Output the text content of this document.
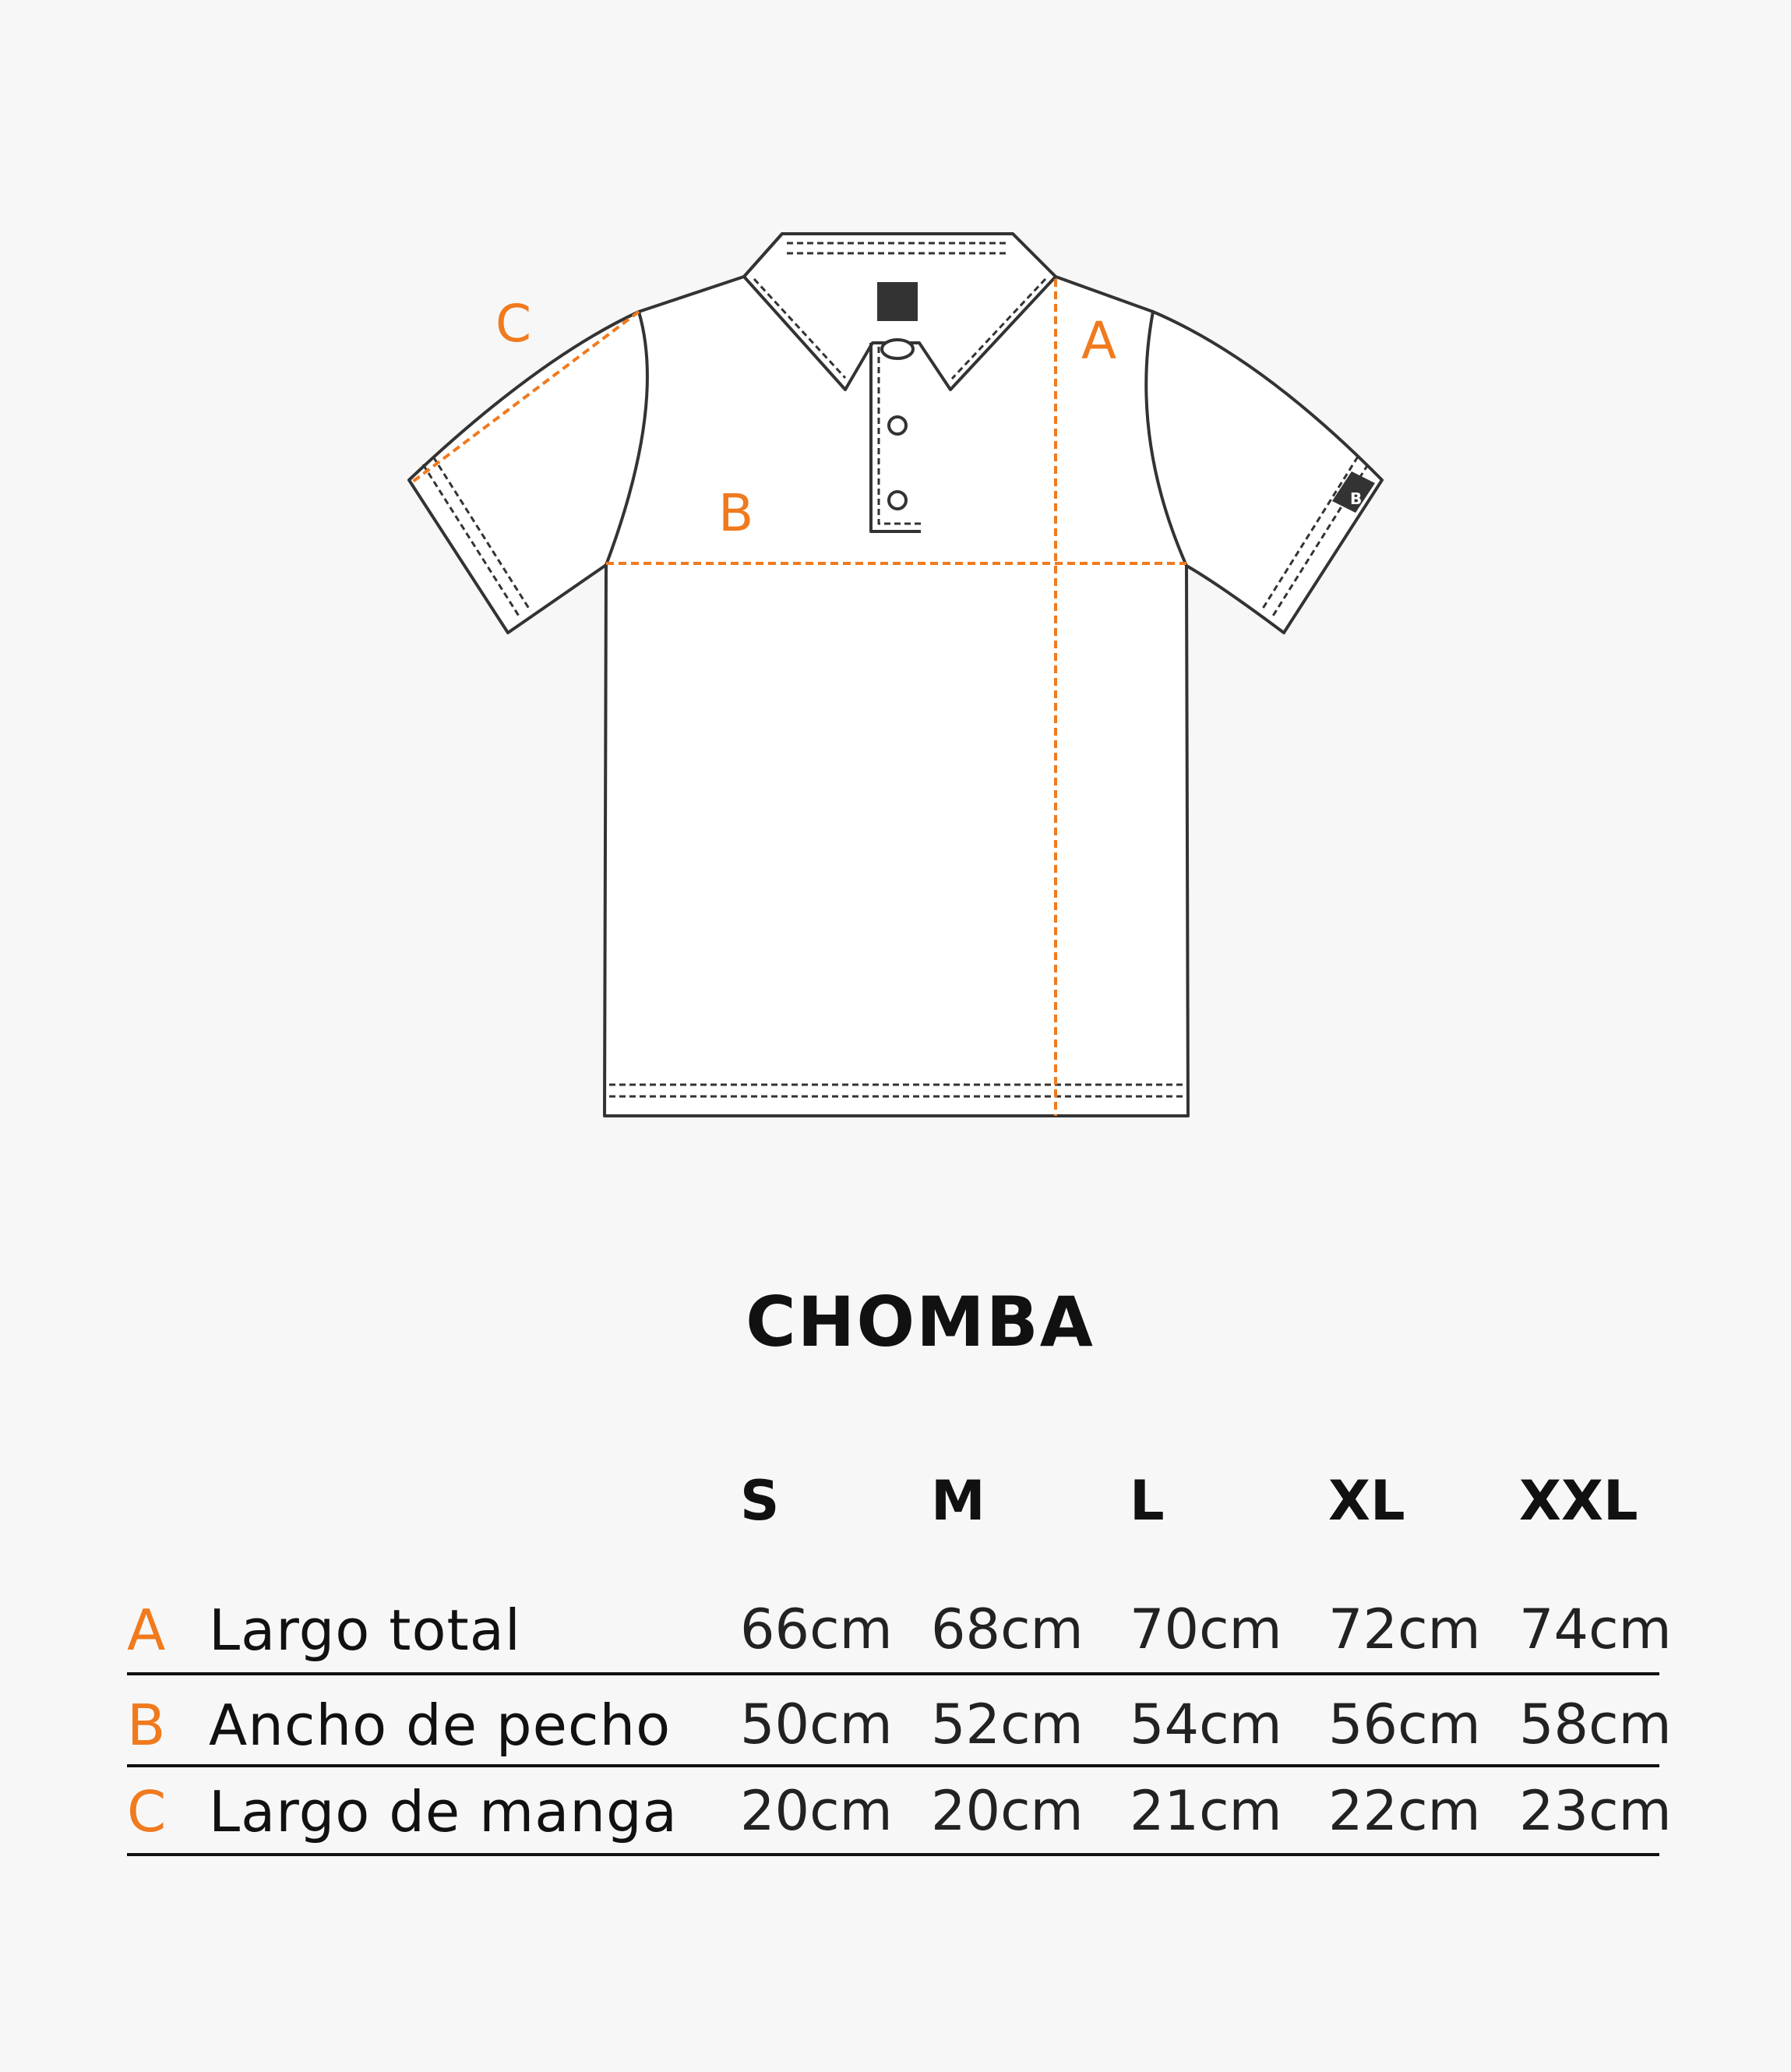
B
A
B
C
CHOMBA
S	M	L	XL XXL
A Largo total	66cm 68cm 70cm 72cm 74cm
B Ancho de pecho 50cm 52cm 54cm 56cm 58cm
C Largo de manga 20cm 20cm 21cm 22cm 23cm
